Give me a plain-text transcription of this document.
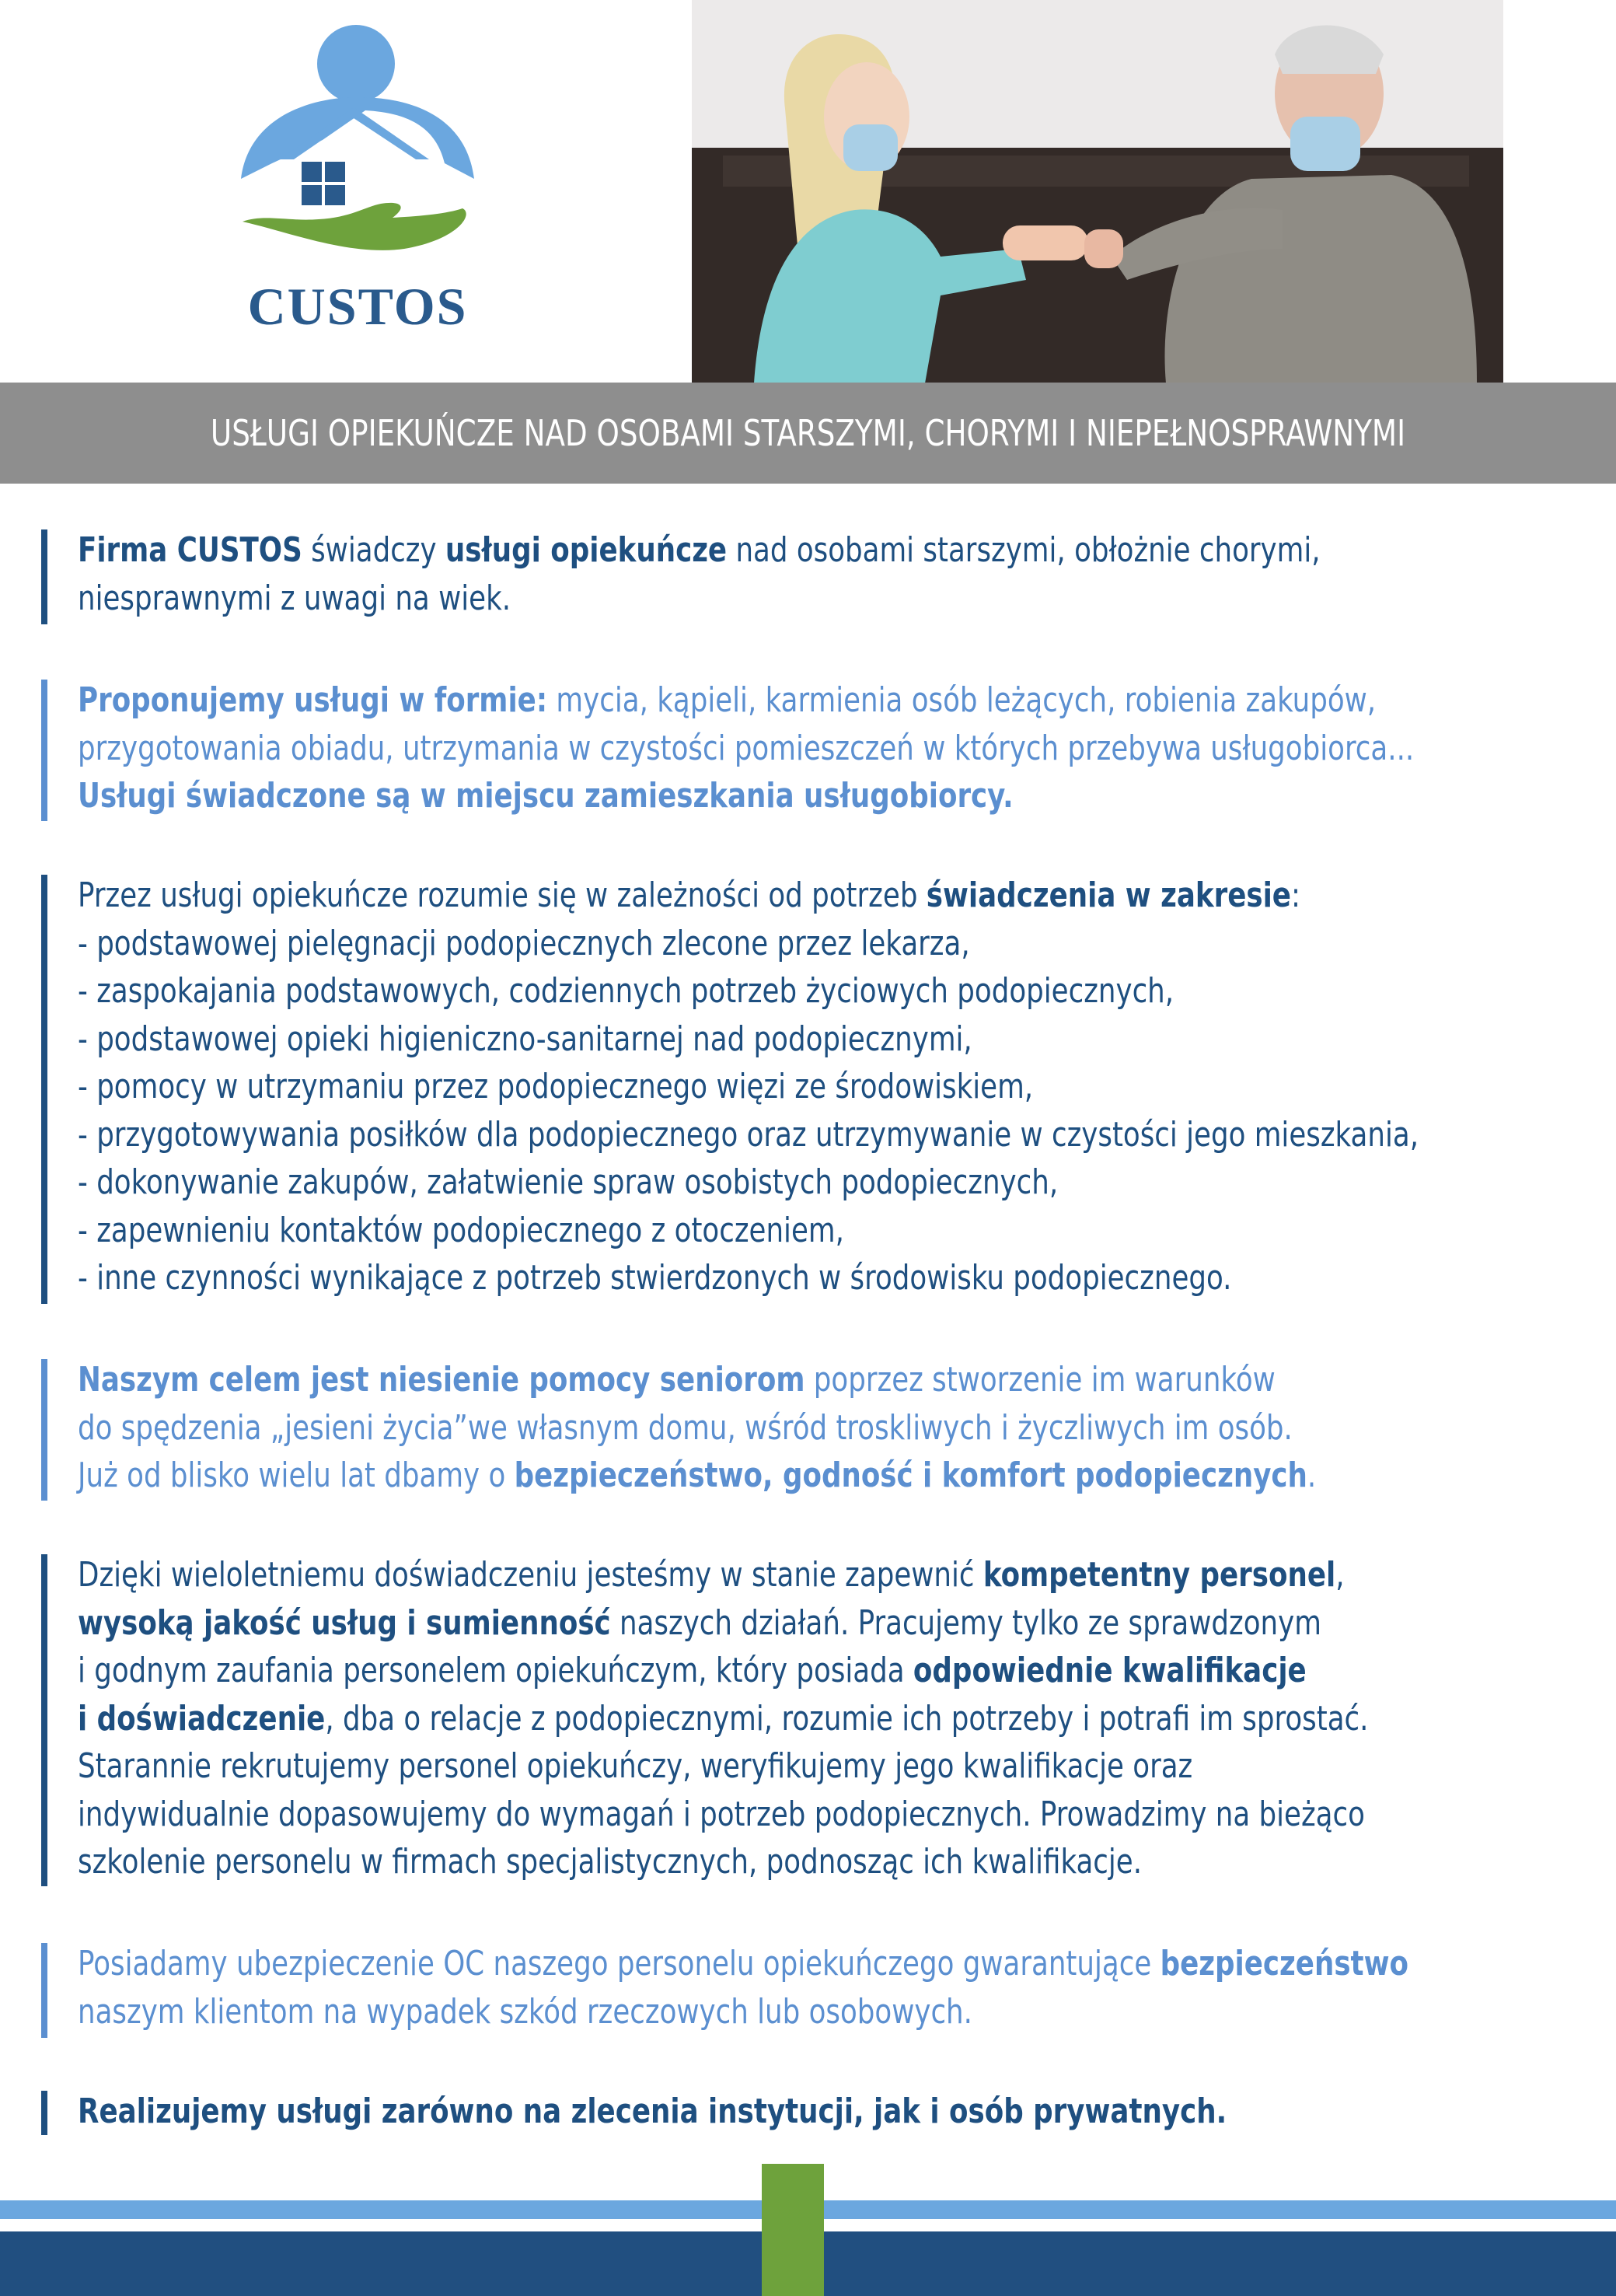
CUSTOS
USŁUGI OPIEKUŃCZE NAD OSOBAMI STARSZYMI, CHORYMI I NIEPEŁNOSPRAWNYMI
Firma CUSTOS świadczy usługi opiekuńcze nad osobami starszymi, obłożnie chorymi,
niesprawnymi z uwagi na wiek.
Proponujemy usługi w formie: mycia, kąpieli, karmienia osób leżących, robienia zakupów,
przygotowania obiadu, utrzymania w czystości pomieszczeń w których przebywa usługobiorca...
Usługi świadczone są w miejscu zamieszkania usługobiorcy.
Przez usługi opiekuńcze rozumie się w zależności od potrzeb świadczenia w zakresie:
- podstawowej pielęgnacji podopiecznych zlecone przez lekarza,
- zaspokajania podstawowych, codziennych potrzeb życiowych podopiecznych,
- podstawowej opieki higieniczno-sanitarnej nad podopiecznymi,
- pomocy w utrzymaniu przez podopiecznego więzi ze środowiskiem,
- przygotowywania posiłków dla podopiecznego oraz utrzymywanie w czystości jego mieszkania,
- dokonywanie zakupów, załatwienie spraw osobistych podopiecznych,
- zapewnieniu kontaktów podopiecznego z otoczeniem,
- inne czynności wynikające z potrzeb stwierdzonych w środowisku podopiecznego.
Naszym celem jest niesienie pomocy seniorom poprzez stworzenie im warunków
do spędzenia „jesieni życia”we własnym domu, wśród troskliwych i życzliwych im osób.
Już od blisko wielu lat dbamy o bezpieczeństwo, godność i komfort podopiecznych.
Dzięki wieloletniemu doświadczeniu jesteśmy w stanie zapewnić kompetentny personel,
wysoką jakość usług i sumienność naszych działań. Pracujemy tylko ze sprawdzonym
i godnym zaufania personelem opiekuńczym, który posiada odpowiednie kwalifikacje
i doświadczenie, dba o relacje z podopiecznymi, rozumie ich potrzeby i potrafi im sprostać.
Starannie rekrutujemy personel opiekuńczy, weryfikujemy jego kwalifikacje oraz
indywidualnie dopasowujemy do wymagań i potrzeb podopiecznych. Prowadzimy na bieżąco
szkolenie personelu w firmach specjalistycznych, podnosząc ich kwalifikacje.
Posiadamy ubezpieczenie OC naszego personelu opiekuńczego gwarantujące bezpieczeństwo
naszym klientom na wypadek szkód rzeczowych lub osobowych.
Realizujemy usługi zarówno na zlecenia instytucji, jak i osób prywatnych.
